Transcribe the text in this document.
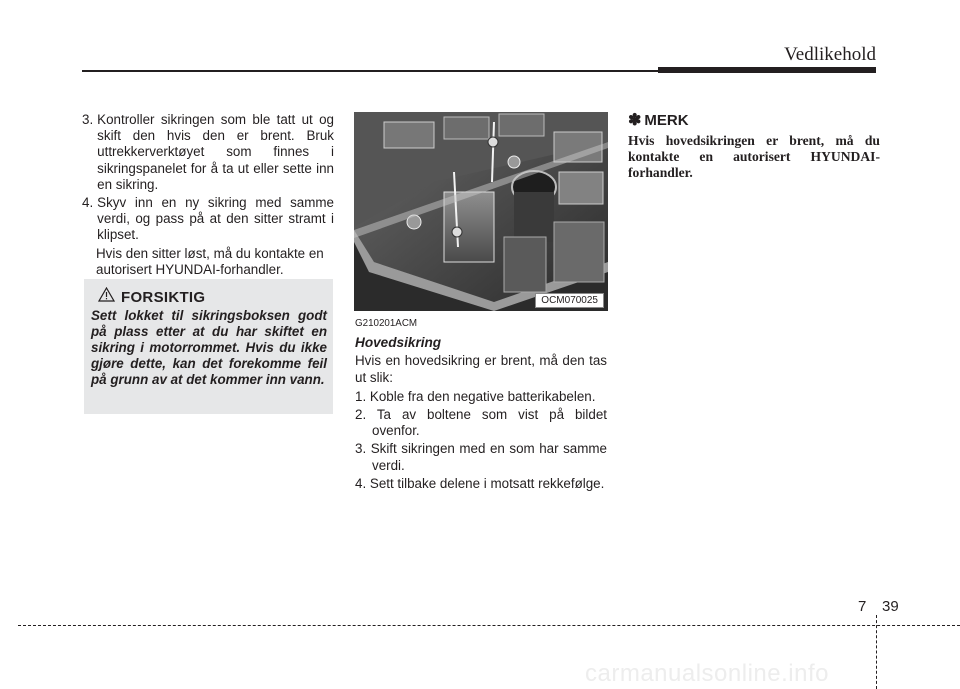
Vedlikehold
3. Kontroller sikringen som ble tatt ut og skift den hvis den er brent. Bruk uttrekkerverktøyet som finnes i sikringspanelet for å ta ut eller sette inn en sikring.
4. Skyv inn en ny sikring med samme verdi, og pass på at den sitter stramt i klipset.
Hvis den sitter løst, må du kontakte en autorisert HYUNDAI-forhandler.
FORSIKTIG
Sett lokket til sikringsboksen godt på plass etter at du har skiftet en sikring i motorrommet. Hvis du ikke gjøre dette, kan det forekomme feil på grunn av at det kommer inn vann.
OCM070025
G210201ACM
Hovedsikring

Hvis en hovedsikring er brent, må den tas ut slik:

1. Koble fra den negative batterikabelen.
2. Ta av boltene som vist på bildet ovenfor.
3. Skift sikringen med en som har samme verdi.
4. Sett tilbake delene i motsatt rekkefølge.
✽ MERK
Hvis hovedsikringen er brent, må du kontakte en autorisert HYUNDAI-forhandler.
7 39
carmanualsonline.info
